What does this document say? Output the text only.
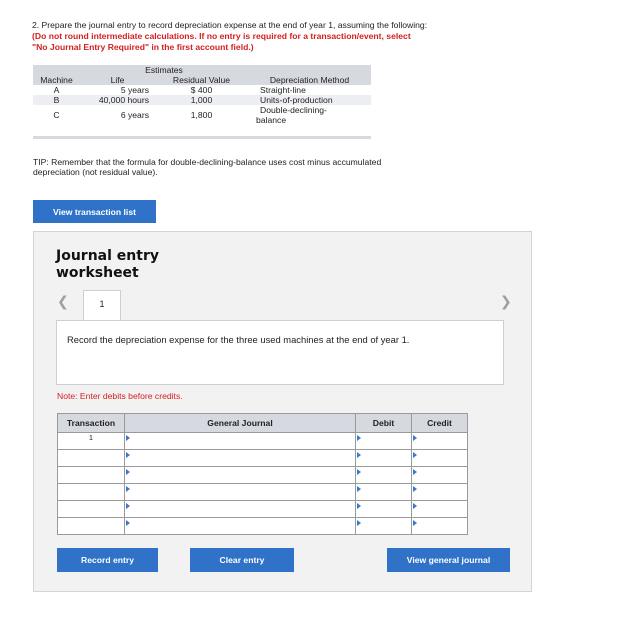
2. Prepare the journal entry to record depreciation expense at the end of year 1, assuming the following:
(Do not round intermediate calculations. If no entry is required for a transaction/event, select
"No Journal Entry Required" in the first account field.)
	Estimates		
Machine	Life	Residual Value	Depreciation Method
A	5 years	$ 400	Straight-line
B	40,000 hours	1,000	Units-of-production
C	6 years	1,800	Double-declining-
balance
TIP: Remember that the formula for double-declining-balance uses cost minus accumulated
depreciation (not residual value).
View transaction list
Journal entry
worksheet
❮	❯
1
Record the depreciation expense for the three used machines at the end of year 1.
Note: Enter debits before credits.
Transaction	General Journal	Debit	Credit
1	

Record entry	Clear entry	View general journal
